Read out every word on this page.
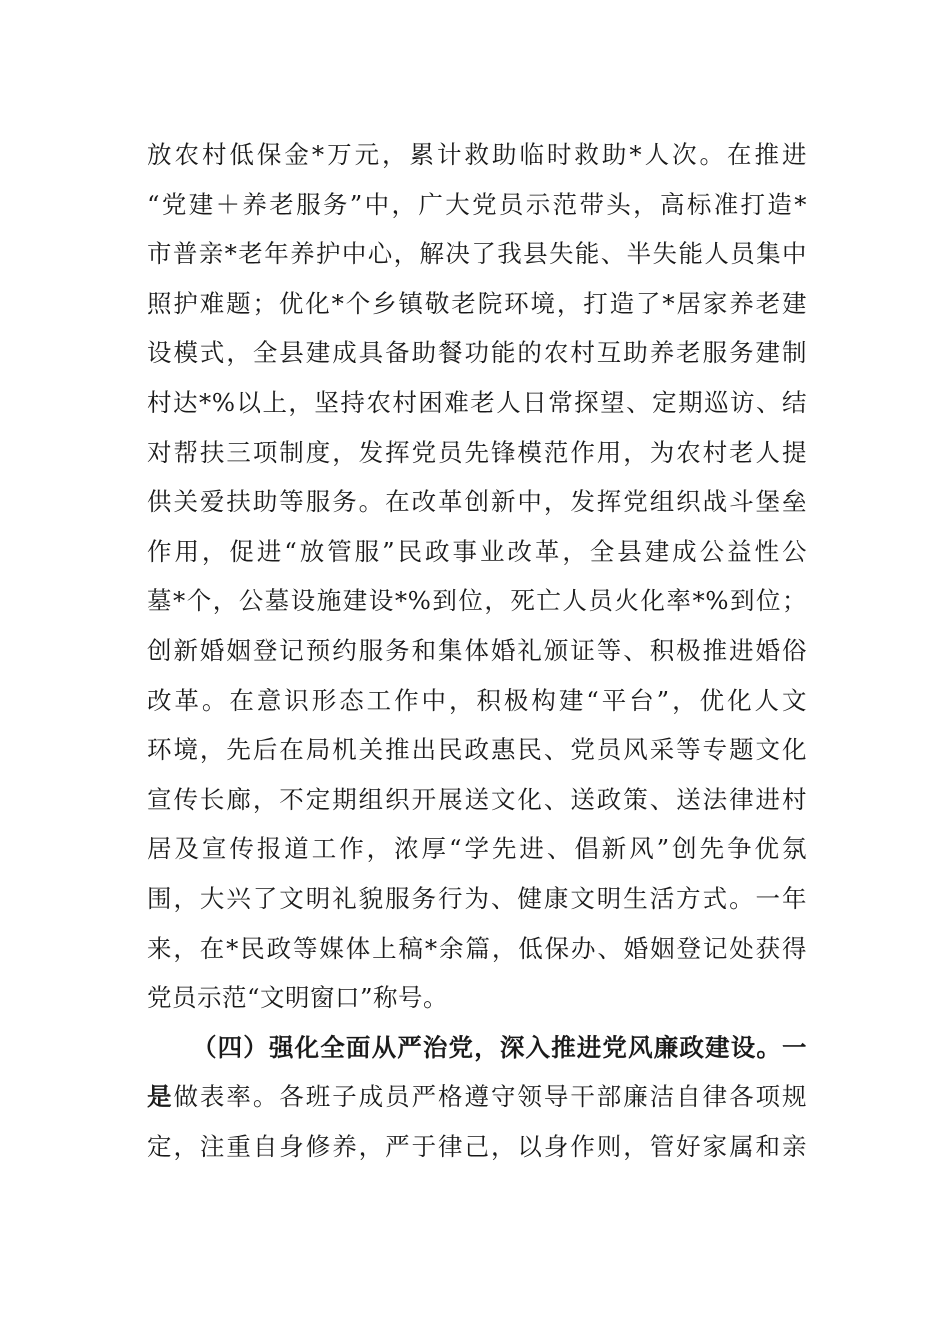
放农村低保金*万元，累计救助临时救助*人次。在推进
“党建＋养老服务”中，广大党员示范带头，高标准打造*
市普亲*老年养护中心，解决了我县失能、半失能人员集中
照护难题；优化*个乡镇敬老院环境，打造了*居家养老建
设模式，全县建成具备助餐功能的农村互助养老服务建制
村达*%以上，坚持农村困难老人日常探望、定期巡访、结
对帮扶三项制度，发挥党员先锋模范作用，为农村老人提
供关爱扶助等服务。在改革创新中，发挥党组织战斗堡垒
作用，促进“放管服”民政事业改革，全县建成公益性公
墓*个，公墓设施建设*%到位，死亡人员火化率*%到位；
创新婚姻登记预约服务和集体婚礼颁证等、积极推进婚俗
改革。在意识形态工作中，积极构建“平台”，优化人文
环境，先后在局机关推出民政惠民、党员风采等专题文化
宣传长廊，不定期组织开展送文化、送政策、送法律进村
居及宣传报道工作，浓厚“学先进、倡新风”创先争优氛
围，大兴了文明礼貌服务行为、健康文明生活方式。一年
来，在*民政等媒体上稿*余篇，低保办、婚姻登记处获得
党员示范“文明窗口”称号。
（四）强化全面从严治党，深入推进党风廉政建设。一
是做表率。各班子成员严格遵守领导干部廉洁自律各项规
定，注重自身修养，严于律己，以身作则，管好家属和亲
